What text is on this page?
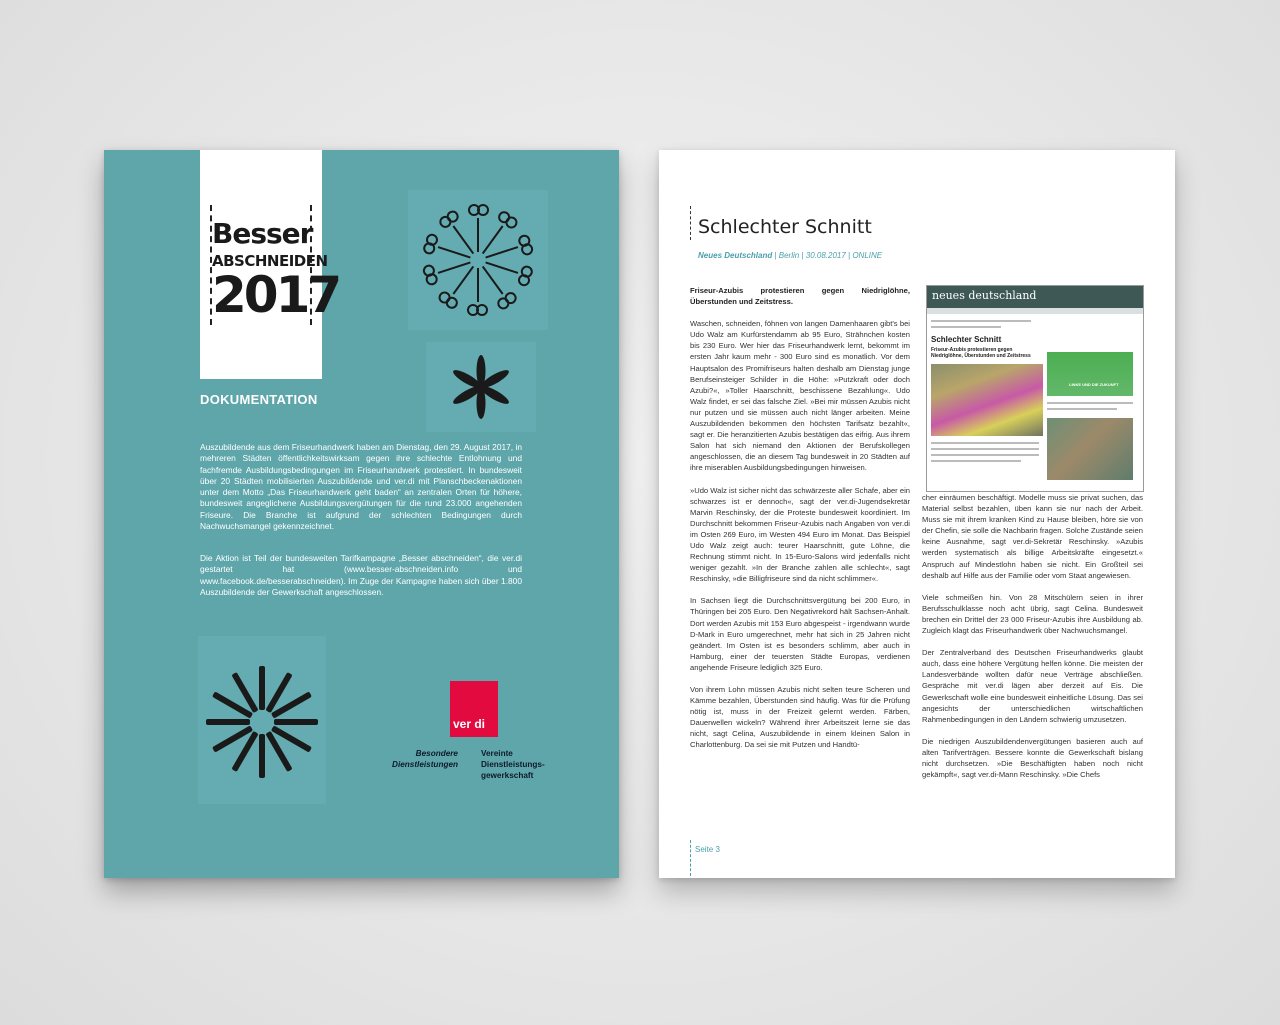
Besser
ABSCHNEIDEN
2017
DOKUMENTATION

Auszubildende aus dem Friseurhandwerk haben am Dienstag, den 29. August 2017, in mehreren Städten öffentlichkeitswirksam gegen ihre schlechte Entlohnung und fachfremde Ausbildungsbedingungen im Friseurhandwerk protestiert. In bundesweit über 20 Städten mobilisierten Auszubildende und ver.di mit Planschbeckenaktionen unter dem Motto „Das Friseurhandwerk geht baden“ an zentralen Orten für höhere, bundesweit angeglichene Ausbildungsvergütungen für die rund 23.000 angehenden Friseure. Die Branche ist aufgrund der schlechten Bedingungen durch Nachwuchsmangel gekennzeichnet.

Die Aktion ist Teil der bundesweiten Tarifkampagne „Besser abschneiden“, die ver.di gestartet hat (www.besser-abschneiden.info und www.facebook.de/besserabschneiden). Im Zuge der Kampagne haben sich über 1.800 Auszubildende der Gewerkschaft angeschlossen.

ver di
Besondere Dienstleistungen
Vereinte Dienstleistungs-gewerkschaft
Schlechter Schnitt
Neues Deutschland | Berlin | 30.08.2017 | ONLINE

Friseur-Azubis protestieren gegen Niedriglöhne, Überstunden und Zeitstress.

Waschen, schneiden, föhnen von langen Damenhaaren gibt's bei Udo Walz am Kurfürstendamm ab 95 Euro, Strähnchen kosten bis 230 Euro. Wer hier das Friseurhandwerk lernt, bekommt im ersten Jahr kaum mehr - 300 Euro sind es monatlich. Vor dem Hauptsalon des Promifriseurs halten deshalb am Dienstag junge Berufseinsteiger Schilder in die Höhe: »Putzkraft oder doch Azubi?«, »Toller Haarschnitt, beschissene Bezahlung«. Udo Walz findet, er sei das falsche Ziel. »Bei mir müssen Azubis nicht nur putzen und sie müssen auch nicht länger arbeiten. Meine Auszubildenden bekommen den höchsten Tarifsatz bezahlt«, sagt er. Die heranzitierten Azubis bestätigen das eifrig. Aus ihrem Salon hat sich niemand den Aktionen der Berufskollegen angeschlossen, die an diesem Tag bundesweit in 20 Städten auf ihre miserablen Ausbildungsbedingungen hinweisen.

»Udo Walz ist sicher nicht das schwärzeste aller Schafe, aber ein schwarzes ist er dennoch«, sagt der ver.di-Jugendsekretär Marvin Reschinsky, der die Proteste bundesweit koordiniert. Im Durchschnitt bekommen Friseur-Azubis nach Angaben von ver.di im Osten 269 Euro, im Westen 494 Euro im Monat. Das Beispiel Udo Walz zeigt auch: teurer Haarschnitt, gute Löhne, die Rechnung stimmt nicht. In 15-Euro-Salons wird jedenfalls nicht weniger gezahlt. »In der Branche zahlen alle schlecht«, sagt Reschinsky, »die Billigfriseure sind da nicht schlimmer«.

In Sachsen liegt die Durchschnittsvergütung bei 200 Euro, in Thüringen bei 205 Euro. Den Negativrekord hält Sachsen-Anhalt. Dort werden Azubis mit 153 Euro abgespeist - irgendwann wurde D-Mark in Euro umgerechnet, mehr hat sich in 25 Jahren nicht geändert. Im Osten ist es besonders schlimm, aber auch in Hamburg, einer der teuersten Städte Europas, verdienen angehende Friseure lediglich 325 Euro.

Von ihrem Lohn müssen Azubis nicht selten teure Scheren und Kämme bezahlen, Überstunden sind häufig. Was für die Prüfung nötig ist, muss in der Freizeit gelernt werden. Färben, Dauerwellen wickeln? Während ihrer Arbeitszeit lerne sie das nicht, sagt Celina, Auszubildende in einem kleinen Salon in Charlottenburg. Da sei sie mit Putzen und Handtü-

neues deutschland
Schlechter Schnitt
Friseur-Azubis protestieren gegen Niedriglöhne, Überstunden und Zeitstress
LINKE UND DIE ZUKUNFT

cher einräumen beschäftigt. Modelle muss sie privat suchen, das Material selbst bezahlen, üben kann sie nur nach der Arbeit. Muss sie mit ihrem kranken Kind zu Hause bleiben, höre sie von der Chefin, sie solle die Nachbarin fragen. Solche Zustände seien keine Ausnahme, sagt ver.di-Sekretär Reschinsky. »Azubis werden systematisch als billige Arbeitskräfte eingesetzt.« Anspruch auf Mindestlohn haben sie nicht. Ein Großteil sei deshalb auf Hilfe aus der Familie oder vom Staat angewiesen.

Viele schmeißen hin. Von 28 Mitschülern seien in ihrer Berufsschulklasse noch acht übrig, sagt Celina. Bundesweit brechen ein Drittel der 23 000 Friseur-Azubis ihre Ausbildung ab. Zugleich klagt das Friseurhandwerk über Nachwuchsmangel.

Der Zentralverband des Deutschen Friseurhandwerks glaubt auch, dass eine höhere Vergütung helfen könne. Die meisten der Landesverbände wollten dafür neue Verträge abschließen. Gespräche mit ver.di lägen aber derzeit auf Eis. Die Gewerkschaft wolle eine bundesweit einheitliche Lösung. Das sei angesichts der unterschiedlichen wirtschaftlichen Rahmenbedingungen in den Ländern schwierig umzusetzen.

Die niedrigen Auszubildendenvergütungen basieren auch auf alten Tarifverträgen. Bessere konnte die Gewerkschaft bislang nicht durchsetzen. »Die Beschäftigten haben noch nicht gekämpft«, sagt ver.di-Mann Reschinsky. »Die Chefs

Seite 3
